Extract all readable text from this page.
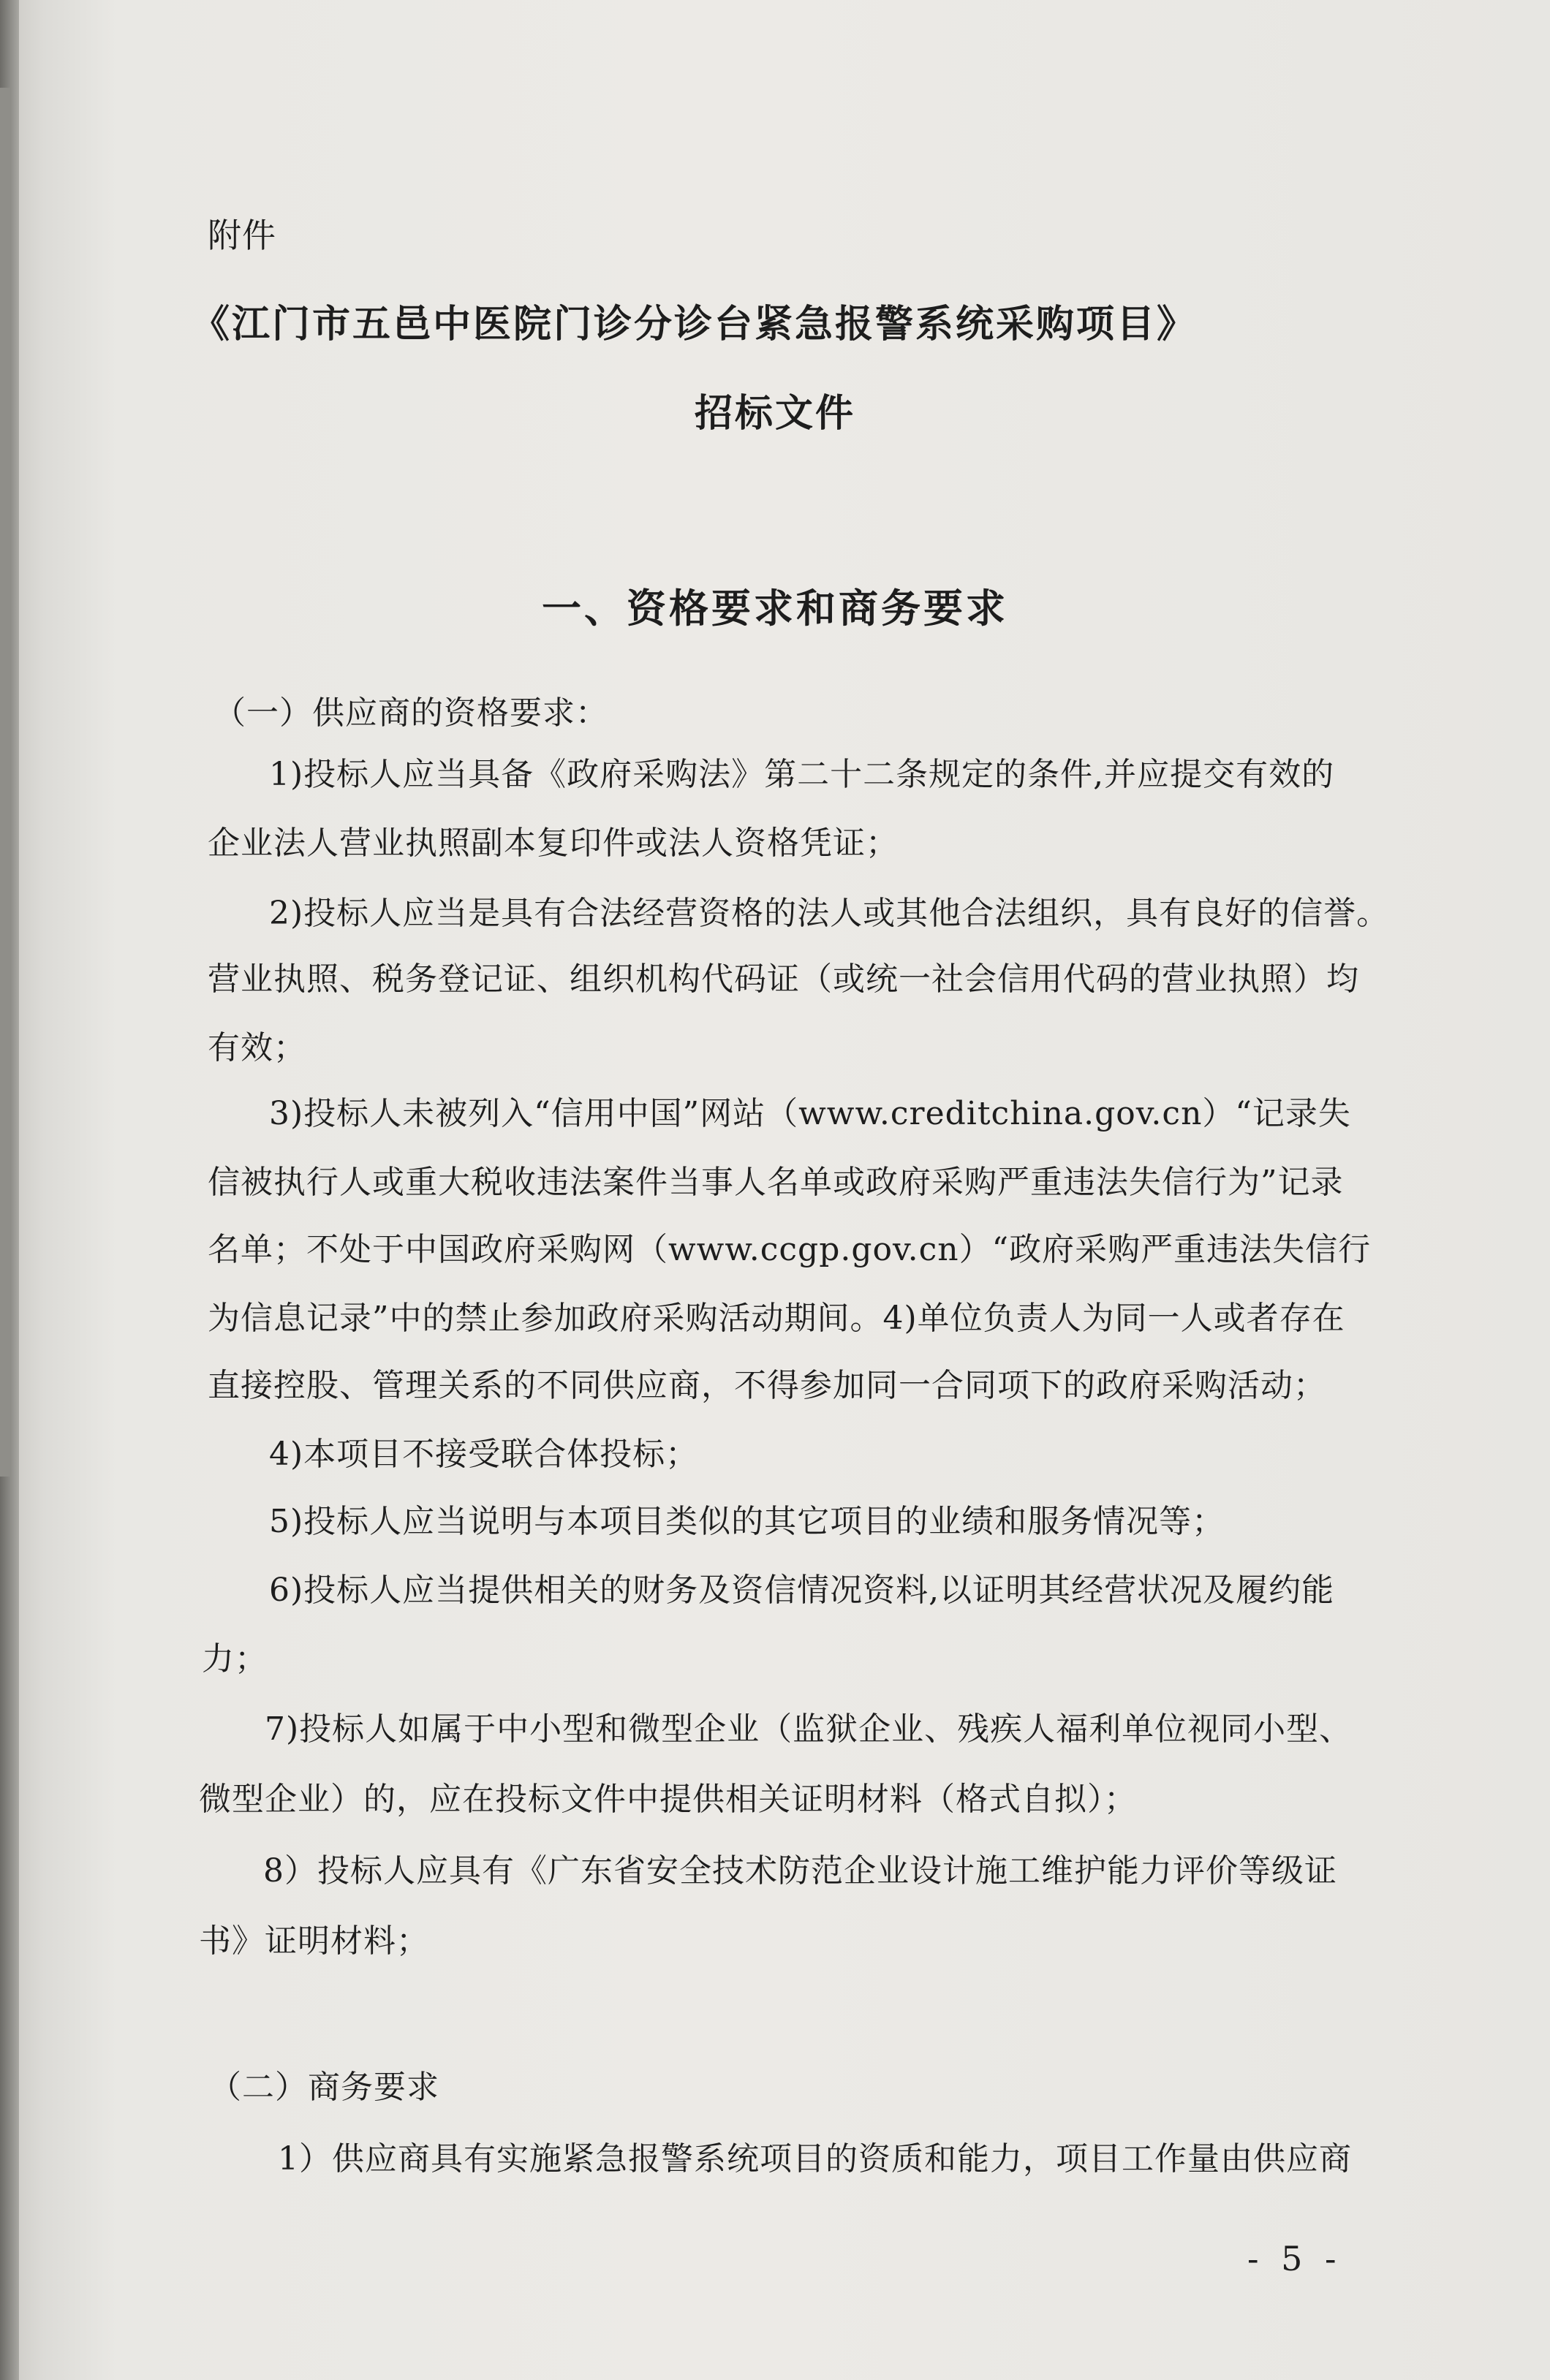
附件
《江门市五邑中医院门诊分诊台紧急报警系统采购项目》
招标文件
一、资格要求和商务要求
（一）供应商的资格要求：
1)投标人应当具备《政府采购法》第二十二条规定的条件,并应提交有效的
企业法人营业执照副本复印件或法人资格凭证；
2)投标人应当是具有合法经营资格的法人或其他合法组织，具有良好的信誉。
营业执照、税务登记证、组织机构代码证（或统一社会信用代码的营业执照）均
有效；
3)投标人未被列入“信用中国”网站（www.creditchina.gov.cn）“记录失
信被执行人或重大税收违法案件当事人名单或政府采购严重违法失信行为”记录
名单；不处于中国政府采购网（www.ccgp.gov.cn）“政府采购严重违法失信行
为信息记录”中的禁止参加政府采购活动期间。4)单位负责人为同一人或者存在
直接控股、管理关系的不同供应商，不得参加同一合同项下的政府采购活动；
4)本项目不接受联合体投标；
5)投标人应当说明与本项目类似的其它项目的业绩和服务情况等；
6)投标人应当提供相关的财务及资信情况资料,以证明其经营状况及履约能
力；
7)投标人如属于中小型和微型企业（监狱企业、残疾人福利单位视同小型、
微型企业）的，应在投标文件中提供相关证明材料（格式自拟）；
8）投标人应具有《广东省安全技术防范企业设计施工维护能力评价等级证
书》证明材料；
（二）商务要求
1）供应商具有实施紧急报警系统项目的资质和能力，项目工作量由供应商
- 5 -
